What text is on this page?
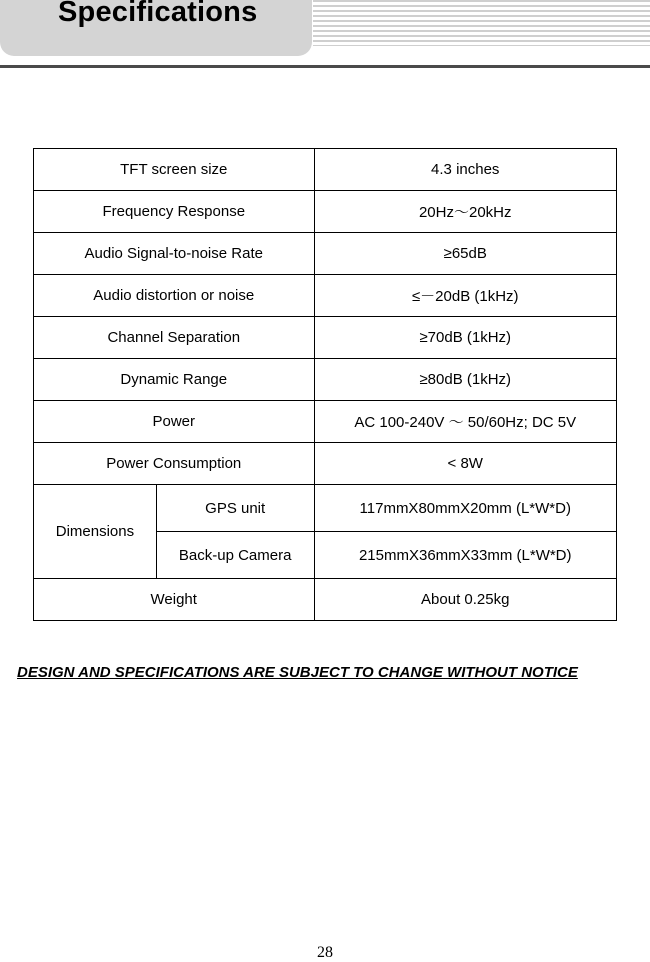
Specifications
TFT screen size		4.3 inches
Frequency Response		20Hz～20kHz
Audio Signal-to-noise Rate		≥65dB
Audio distortion or noise		≤－20dB (1kHz)
Channel Separation		≥70dB (1kHz)
Dynamic Range		≥80dB (1kHz)
Power		AC 100-240V ～ 50/60Hz; DC 5V
Power Consumption		< 8W
Dimensions	GPS unit	117mmX80mmX20mm (L*W*D)
	Back-up Camera	215mmX36mmX33mm (L*W*D)
Weight		About 0.25kg
DESIGN AND SPECIFICATIONS ARE SUBJECT TO CHANGE WITHOUT NOTICE
28
